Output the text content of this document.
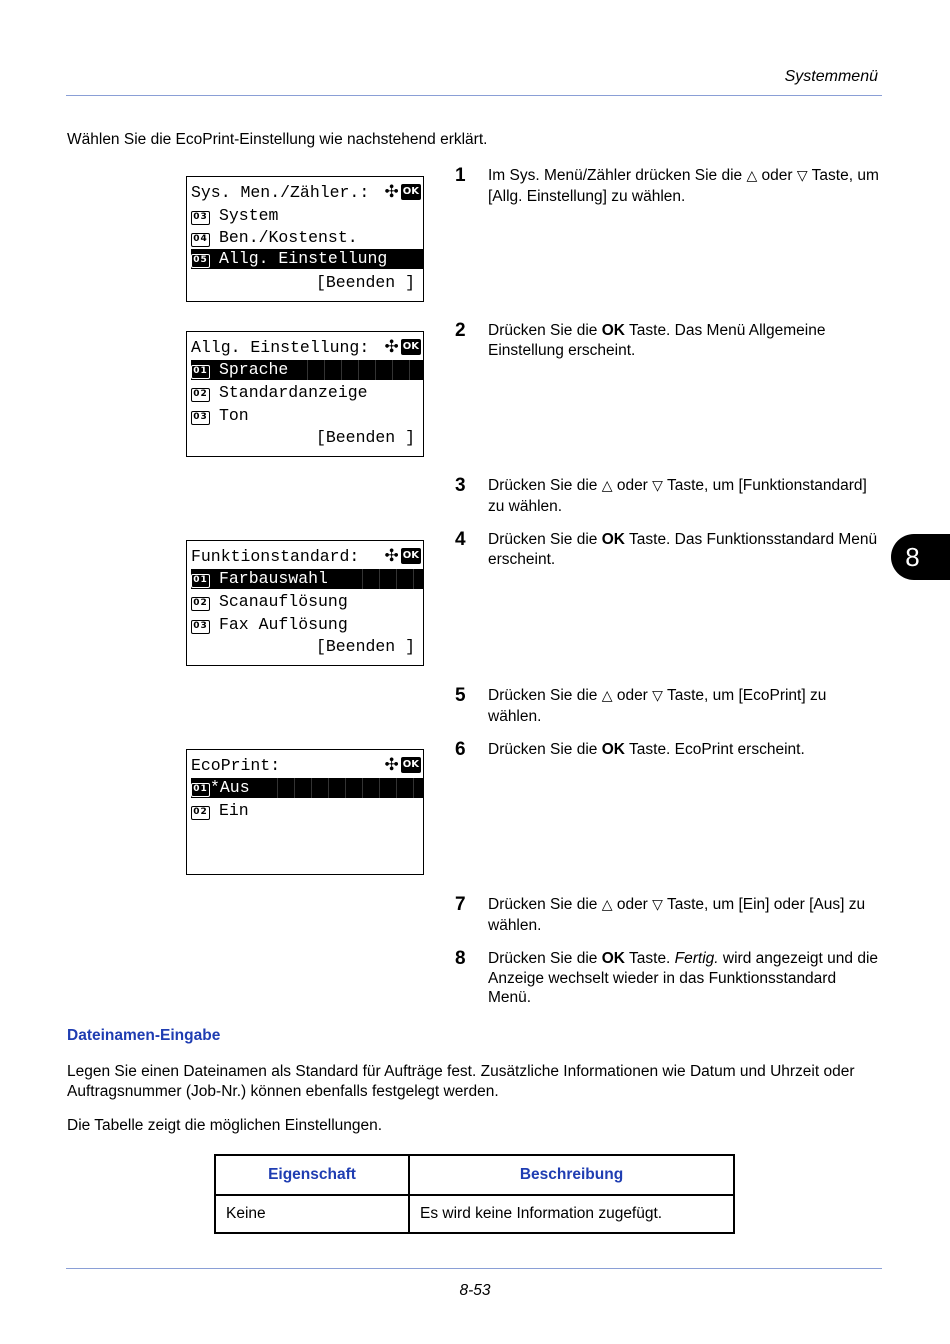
Systemmenü
Wählen Sie die EcoPrint-Einstellung wie nachstehend erklärt.
Sys. Men./Zähler.: ✣ OK
03 System
04 Ben./Kostenst.
05 Allg. Einstellung
[Beenden ]
Allg. Einstellung: ✣ OK
01 Sprache
02 Standardanzeige
03 Ton
[Beenden ]
Funktionstandard:	✣ OK
01 Farbauswahl
02 Scanauflösung
03 Fax Auflösung
[Beenden ]
EcoPrint:	✣ OK
01 *Aus
02 Ein
1 Im Sys. Menü/Zähler drücken Sie die △ oder ▽ Taste, um [Allg. Einstellung] zu wählen.
2 Drücken Sie die OK Taste. Das Menü Allgemeine Einstellung erscheint.
3 Drücken Sie die △ oder ▽ Taste, um [Funktionstandard] zu wählen.
4 Drücken Sie die OK Taste. Das Funktionsstandard Menü erscheint.
5 Drücken Sie die △ oder ▽ Taste, um [EcoPrint] zu wählen.
6 Drücken Sie die OK Taste. EcoPrint erscheint.
7 Drücken Sie die △ oder ▽ Taste, um [Ein] oder [Aus] zu wählen.
8 Drücken Sie die OK Taste. Fertig. wird angezeigt und die Anzeige wechselt wieder in das Funktionsstandard Menü.
8
Dateinamen-Eingabe
Legen Sie einen Dateinamen als Standard für Aufträge fest. Zusätzliche Informationen wie Datum und Uhrzeit oder Auftragsnummer (Job-Nr.) können ebenfalls festgelegt werden.
Die Tabelle zeigt die möglichen Einstellungen.
Eigenschaft	Beschreibung
Keine	Es wird keine Information zugefügt.
8-53
